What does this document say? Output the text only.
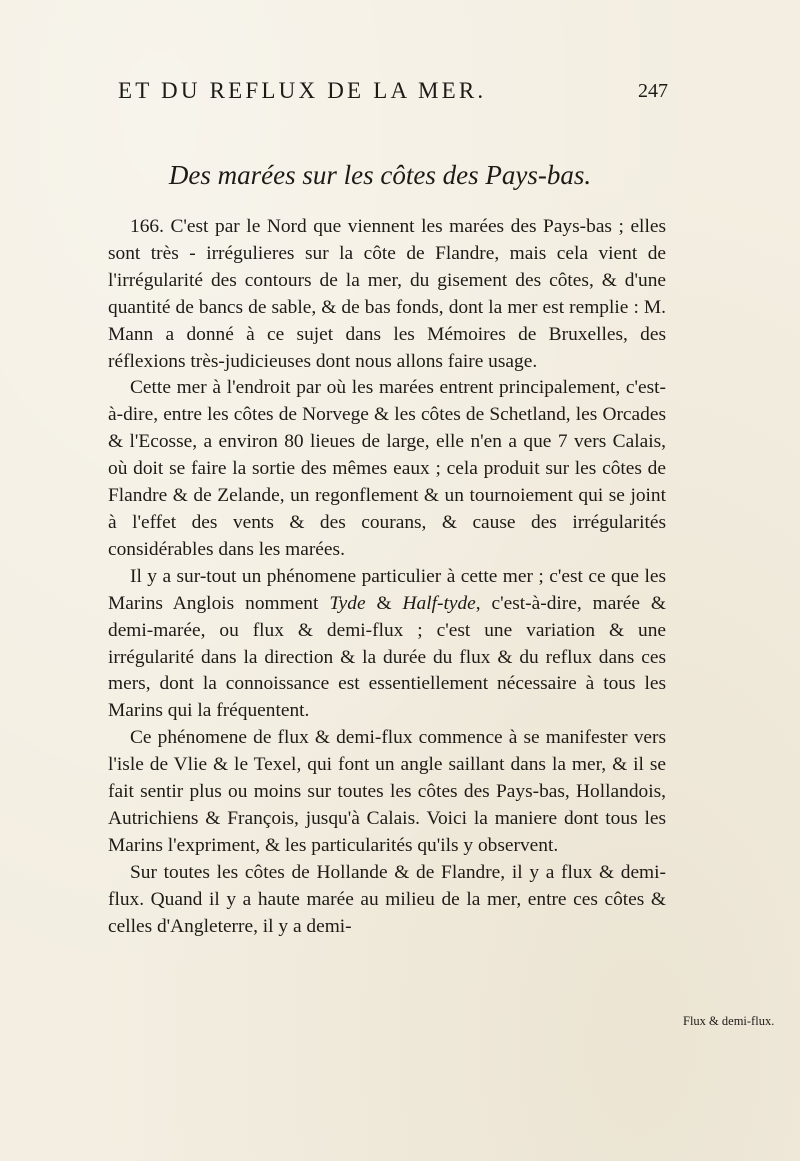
ET DU REFLUX DE LA MER.	247
Des marées sur les côtes des Pays-bas.

166. C'est par le Nord que viennent les marées des Pays-bas ; elles sont très - irrégulieres sur la côte de Flandre, mais cela vient de l'irrégularité des contours de la mer, du gisement des côtes, & d'une quantité de bancs de sable, & de bas fonds, dont la mer est remplie : M. Mann a donné à ce sujet dans les Mémoires de Bruxelles, des réflexions très-judicieuses dont nous allons faire usage.

Cette mer à l'endroit par où les marées entrent principalement, c'est-à-dire, entre les côtes de Norvege & les côtes de Schetland, les Orcades & l'Ecosse, a environ 80 lieues de large, elle n'en a que 7 vers Calais, où doit se faire la sortie des mêmes eaux ; cela produit sur les côtes de Flandre & de Zelande, un regonflement & un tournoiement qui se joint à l'effet des vents & des courans, & cause des irrégularités considérables dans les marées.

Il y a sur-tout un phénomene particulier à cette mer ; c'est ce que les Marins Anglois nomment Tyde & Half-tyde, c'est-à-dire, marée & demi-marée, ou flux & demi-flux ; c'est une variation & une irrégularité dans la direction & la durée du flux & du reflux dans ces mers, dont la connoissance est essentiellement nécessaire à tous les Marins qui la fréquentent.

Ce phénomene de flux & demi-flux commence à se manifester vers l'isle de Vlie & le Texel, qui font un angle saillant dans la mer, & il se fait sentir plus ou moins sur toutes les côtes des Pays-bas, Hollandois, Autrichiens & François, jusqu'à Calais. Voici la maniere dont tous les Marins l'expriment, & les particularités qu'ils y observent.

Sur toutes les côtes de Hollande & de Flandre, il y a flux & demi-flux. Quand il y a haute marée au milieu de la mer, entre ces côtes & celles d'Angleterre, il y a demi-

Flux & demi-flux.
